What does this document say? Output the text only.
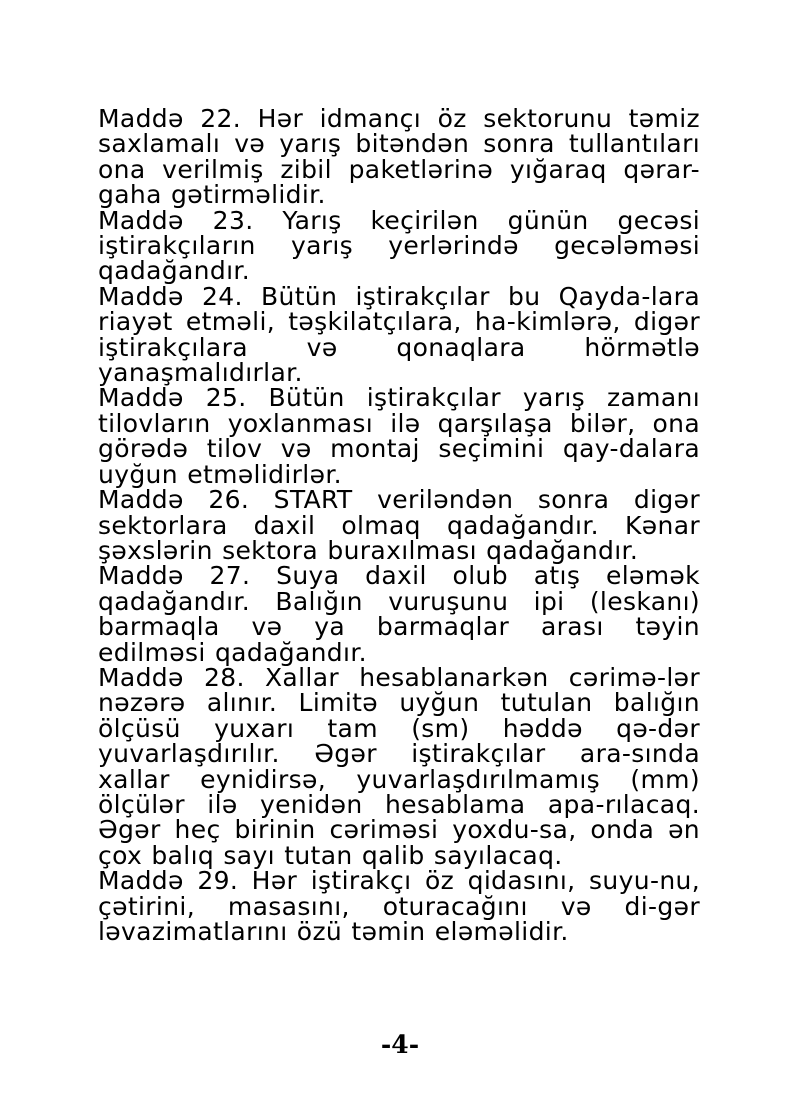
Maddə 22. Hər idmançı öz sektorunu təmiz saxlamalı və yarış bitəndən sonra tullantıları ona verilmiş zibil paketlərinə yığaraq qərar-gaha gətirməlidir.

Maddə 23. Yarış keçirilən günün gecəsi iştirakçıların yarış yerlərində gecələməsi qadağandır.

Maddə 24. Bütün iştirakçılar bu Qayda-lara riayət etməli, təşkilatçılara, ha-kimlərə, digər iştirakçılara və qonaqlara hörmətlə yanaşmalıdırlar.

Maddə 25. Bütün iştirakçılar yarış zamanı tilovların yoxlanması ilə qarşılaşa bilər, ona görədə tilov və montaj seçimini qay-dalara uyğun etməlidirlər.

Maddə 26. START veriləndən sonra digər sektorlara daxil olmaq qadağandır. Kənar şəxslərin sektora buraxılması qadağandır.

Maddə 27. Suya daxil olub atış eləmək qadağandır. Balığın vuruşunu ipi (leskanı) barmaqla və ya barmaqlar arası təyin edilməsi qadağandır.

Maddə 28. Xallar hesablanarkən cərimə-lər nəzərə alınır. Limitə uyğun tutulan balığın ölçüsü yuxarı tam (sm) həddə qə-dər yuvarlaşdırılır. Əgər iştirakçılar ara-sında xallar eynidirsə, yuvarlaşdırılmamış (mm) ölçülər ilə yenidən hesablama apa-rılacaq. Əgər heç birinin cəriməsi yoxdu-sa, onda ən çox balıq sayı tutan qalib sayılacaq.

Maddə 29. Hər iştirakçı öz qidasını, suyu-nu, çətirini, masasını, oturacağını və di-gər ləvazimatlarını özü təmin eləməlidir.

-4-
